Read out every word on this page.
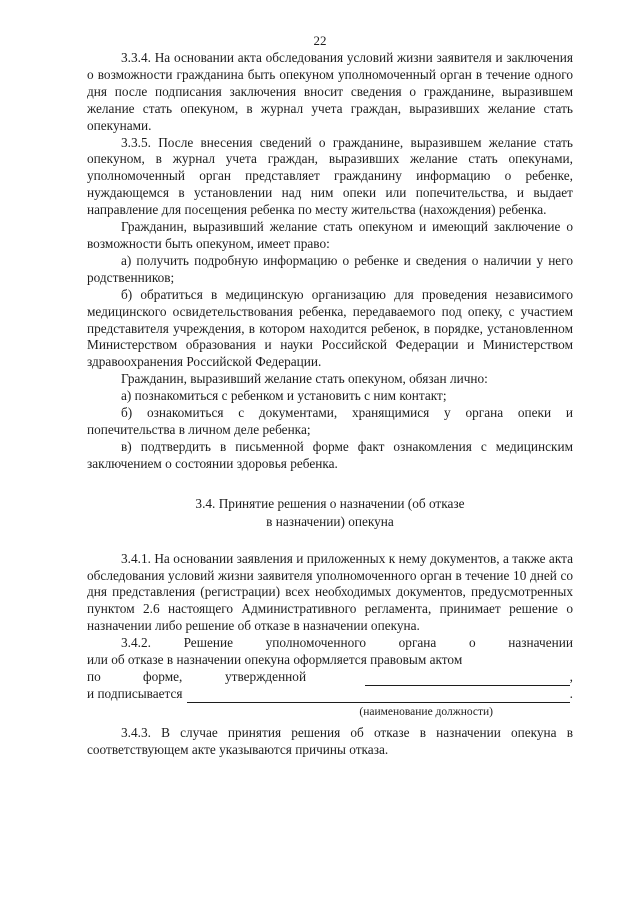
22

3.3.4. На основании акта обследования условий жизни заявителя и заключения о возможности гражданина быть опекуном уполномоченный орган в течение одного дня после подписания заключения вносит сведения о гражданине, выразившем желание стать опекуном, в журнал учета граждан, выразивших желание стать опекунами.

3.3.5. После внесения сведений о гражданине, выразившем желание стать опекуном, в журнал учета граждан, выразивших желание стать опекунами, уполномоченный орган представляет гражданину информацию о ребенке, нуждающемся в установлении над ним опеки или попечительства, и выдает направление для посещения ребенка по месту жительства (нахождения) ребенка.

Гражданин, выразивший желание стать опекуном и имеющий заключение о возможности быть опекуном, имеет право:

а) получить подробную информацию о ребенке и сведения о наличии у него родственников;

б) обратиться в медицинскую организацию для проведения независимого медицинского освидетельствования ребенка, передаваемого под опеку, с участием представителя учреждения, в котором находится ребенок, в порядке, установленном Министерством образования и науки Российской Федерации и Министерством здравоохранения Российской Федерации.

Гражданин, выразивший желание стать опекуном, обязан лично:

а) познакомиться с ребенком и установить с ним контакт;

б) ознакомиться с документами, хранящимися у органа опеки и попечительства в личном деле ребенка;

в) подтвердить в письменной форме факт ознакомления с медицинским заключением о состоянии здоровья ребенка.

3.4. Принятие решения о назначении (об отказе
в назначении) опекуна

3.4.1. На основании заявления и приложенных к нему документов, а также акта обследования условий жизни заявителя уполномоченного орган в течение 10 дней со дня представления (регистрации) всех необходимых документов, предусмотренных пунктом 2.6 настоящего Административного регламента, принимает решение о назначении либо решение об отказе в назначении опекуна.

3.4.2. Решение уполномоченного органа о назначении

или об отказе в назначении опекуна оформляется правовым актом

по	форме,	утвержденной	,
и подписывается	.
(наименование должности)

3.4.3. В случае принятия решения об отказе в назначении опекуна в соответствующем акте указываются причины отказа.
